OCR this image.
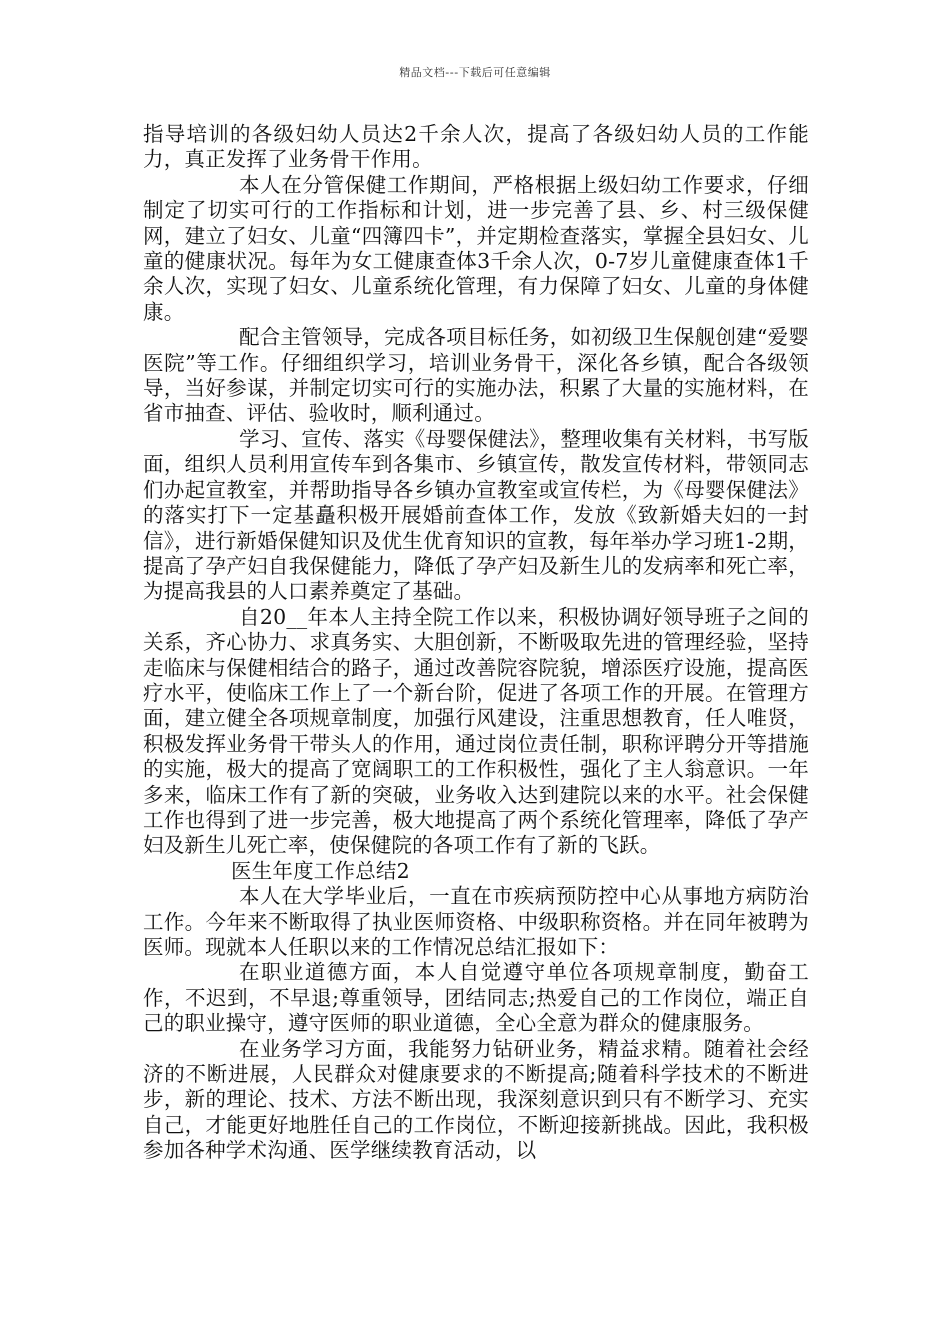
精品文档---下载后可任意编辑

指导培训的各级妇幼人员达2千余人次，提高了各级妇幼人员的工作能力，真正发挥了业务骨干作用。

本人在分管保健工作期间，严格根据上级妇幼工作要求，仔细制定了切实可行的工作指标和计划，进一步完善了县、乡、村三级保健网，建立了妇女、儿童“四簿四卡”，并定期检查落实，掌握全县妇女、儿童的健康状况。每年为女工健康查体3千余人次，0-7岁儿童健康查体1千余人次，实现了妇女、儿童系统化管理，有力保障了妇女、儿童的身体健康。

配合主管领导，完成各项目标任务，如初级卫生保舰创建“爱婴医院”等工作。仔细组织学习，培训业务骨干，深化各乡镇，配合各级领导，当好参谋，并制定切实可行的实施办法，积累了大量的实施材料，在省市抽查、评估、验收时，顺利通过。

学习、宣传、落实《母婴保健法》，整理收集有关材料，书写版面，组织人员利用宣传车到各集市、乡镇宣传，散发宣传材料，带领同志们办起宣教室，并帮助指导各乡镇办宣教室或宣传栏，为《母婴保健法》的落实打下一定基矗积极开展婚前查体工作，发放《致新婚夫妇的一封信》，进行新婚保健知识及优生优育知识的宣教，每年举办学习班1-2期，提高了孕产妇自我保健能力，降低了孕产妇及新生儿的发病率和死亡率，为提高我县的人口素养奠定了基础。

自20__年本人主持全院工作以来，积极协调好领导班子之间的关系，齐心协力、求真务实、大胆创新，不断吸取先进的管理经验，坚持走临床与保健相结合的路子，通过改善院容院貌，增添医疗设施，提高医疗水平，使临床工作上了一个新台阶，促进了各项工作的开展。在管理方面，建立健全各项规章制度，加强行风建设，注重思想教育，任人唯贤，积极发挥业务骨干带头人的作用，通过岗位责任制，职称评聘分开等措施的实施，极大的提高了宽阔职工的工作积极性，强化了主人翁意识。一年多来，临床工作有了新的突破，业务收入达到建院以来的水平。社会保健工作也得到了进一步完善，极大地提高了两个系统化管理率，降低了孕产妇及新生儿死亡率，使保健院的各项工作有了新的飞跃。

医生年度工作总结2

本人在大学毕业后，一直在市疾病预防控中心从事地方病防治工作。今年来不断取得了执业医师资格、中级职称资格。并在同年被聘为医师。现就本人任职以来的工作情况总结汇报如下：

在职业道德方面，本人自觉遵守单位各项规章制度，勤奋工作，不迟到，不早退;尊重领导，团结同志;热爱自己的工作岗位，端正自己的职业操守，遵守医师的职业道德，全心全意为群众的健康服务。

在业务学习方面，我能努力钻研业务，精益求精。随着社会经济的不断进展，人民群众对健康要求的不断提高;随着科学技术的不断进步，新的理论、技术、方法不断出现，我深刻意识到只有不断学习、充实自己，才能更好地胜任自己的工作岗位，不断迎接新挑战。因此，我积极参加各种学术沟通、医学继续教育活动，以
